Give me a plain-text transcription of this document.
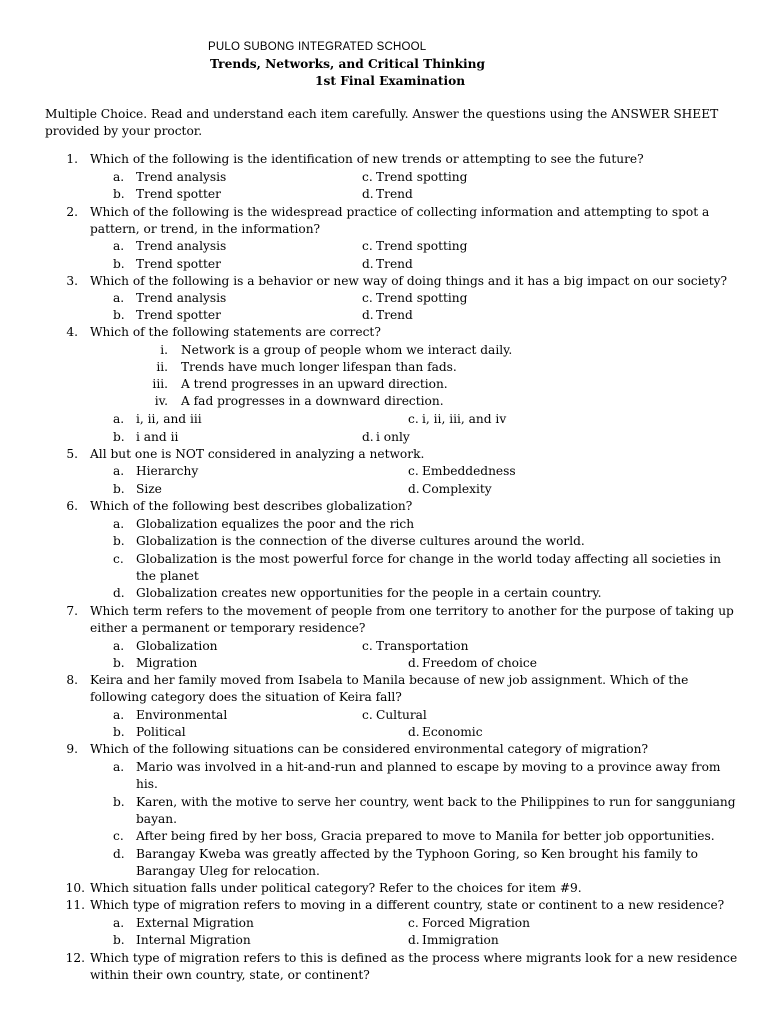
PULO SUBONG INTEGRATED SCHOOL
Trends, Networks, and Critical Thinking
1st Final Examination
Multiple Choice. Read and understand each item carefully. Answer the questions using the ANSWER SHEET
provided by your proctor.
1. Which of the following is the identification of new trends or attempting to see the future?
a. Trend analysis
b. Trend spotter
c. Trend spotting
d. Trend
2. Which of the following is the widespread practice of collecting information and attempting to spot a
pattern, or trend, in the information?
a. Trend analysis
b. Trend spotter
c. Trend spotting
d. Trend
3. Which of the following is a behavior or new way of doing things and it has a big impact on our society?
a. Trend analysis
b. Trend spotter
c. Trend spotting
d. Trend
4. Which of the following statements are correct?
i. Network is a group of people whom we interact daily.
ii. Trends have much longer lifespan than fads.
iii. A trend progresses in an upward direction.
iv. A fad progresses in a downward direction.
a. i, ii, and iii
b. i and ii
c. i, ii, iii, and iv
d. i only
5. All but one is NOT considered in analyzing a network.
a. Hierarchy
b. Size
c. Embeddedness
d. Complexity
6. Which of the following best describes globalization?
a. Globalization equalizes the poor and the rich
b. Globalization is the connection of the diverse cultures around the world.
c. Globalization is the most powerful force for change in the world today affecting all societies in
the planet
d. Globalization creates new opportunities for the people in a certain country.
7. Which term refers to the movement of people from one territory to another for the purpose of taking up
either a permanent or temporary residence?
a. Globalization
b. Migration
c. Transportation
d. Freedom of choice
8. Keira and her family moved from Isabela to Manila because of new job assignment. Which of the
following category does the situation of Keira fall?
a. Environmental
b. Political
c. Cultural
d. Economic
9. Which of the following situations can be considered environmental category of migration?
a. Mario was involved in a hit-and-run and planned to escape by moving to a province away from
his.
b. Karen, with the motive to serve her country, went back to the Philippines to run for sangguniang
bayan.
c. After being fired by her boss, Gracia prepared to move to Manila for better job opportunities.
d. Barangay Kweba was greatly affected by the Typhoon Goring, so Ken brought his family to
Barangay Uleg for relocation.
10. Which situation falls under political category? Refer to the choices for item #9.
11. Which type of migration refers to moving in a different country, state or continent to a new residence?
a. External Migration
b. Internal Migration
c. Forced Migration
d. Immigration
12. Which type of migration refers to this is defined as the process where migrants look for a new residence
within their own country, state, or continent?
